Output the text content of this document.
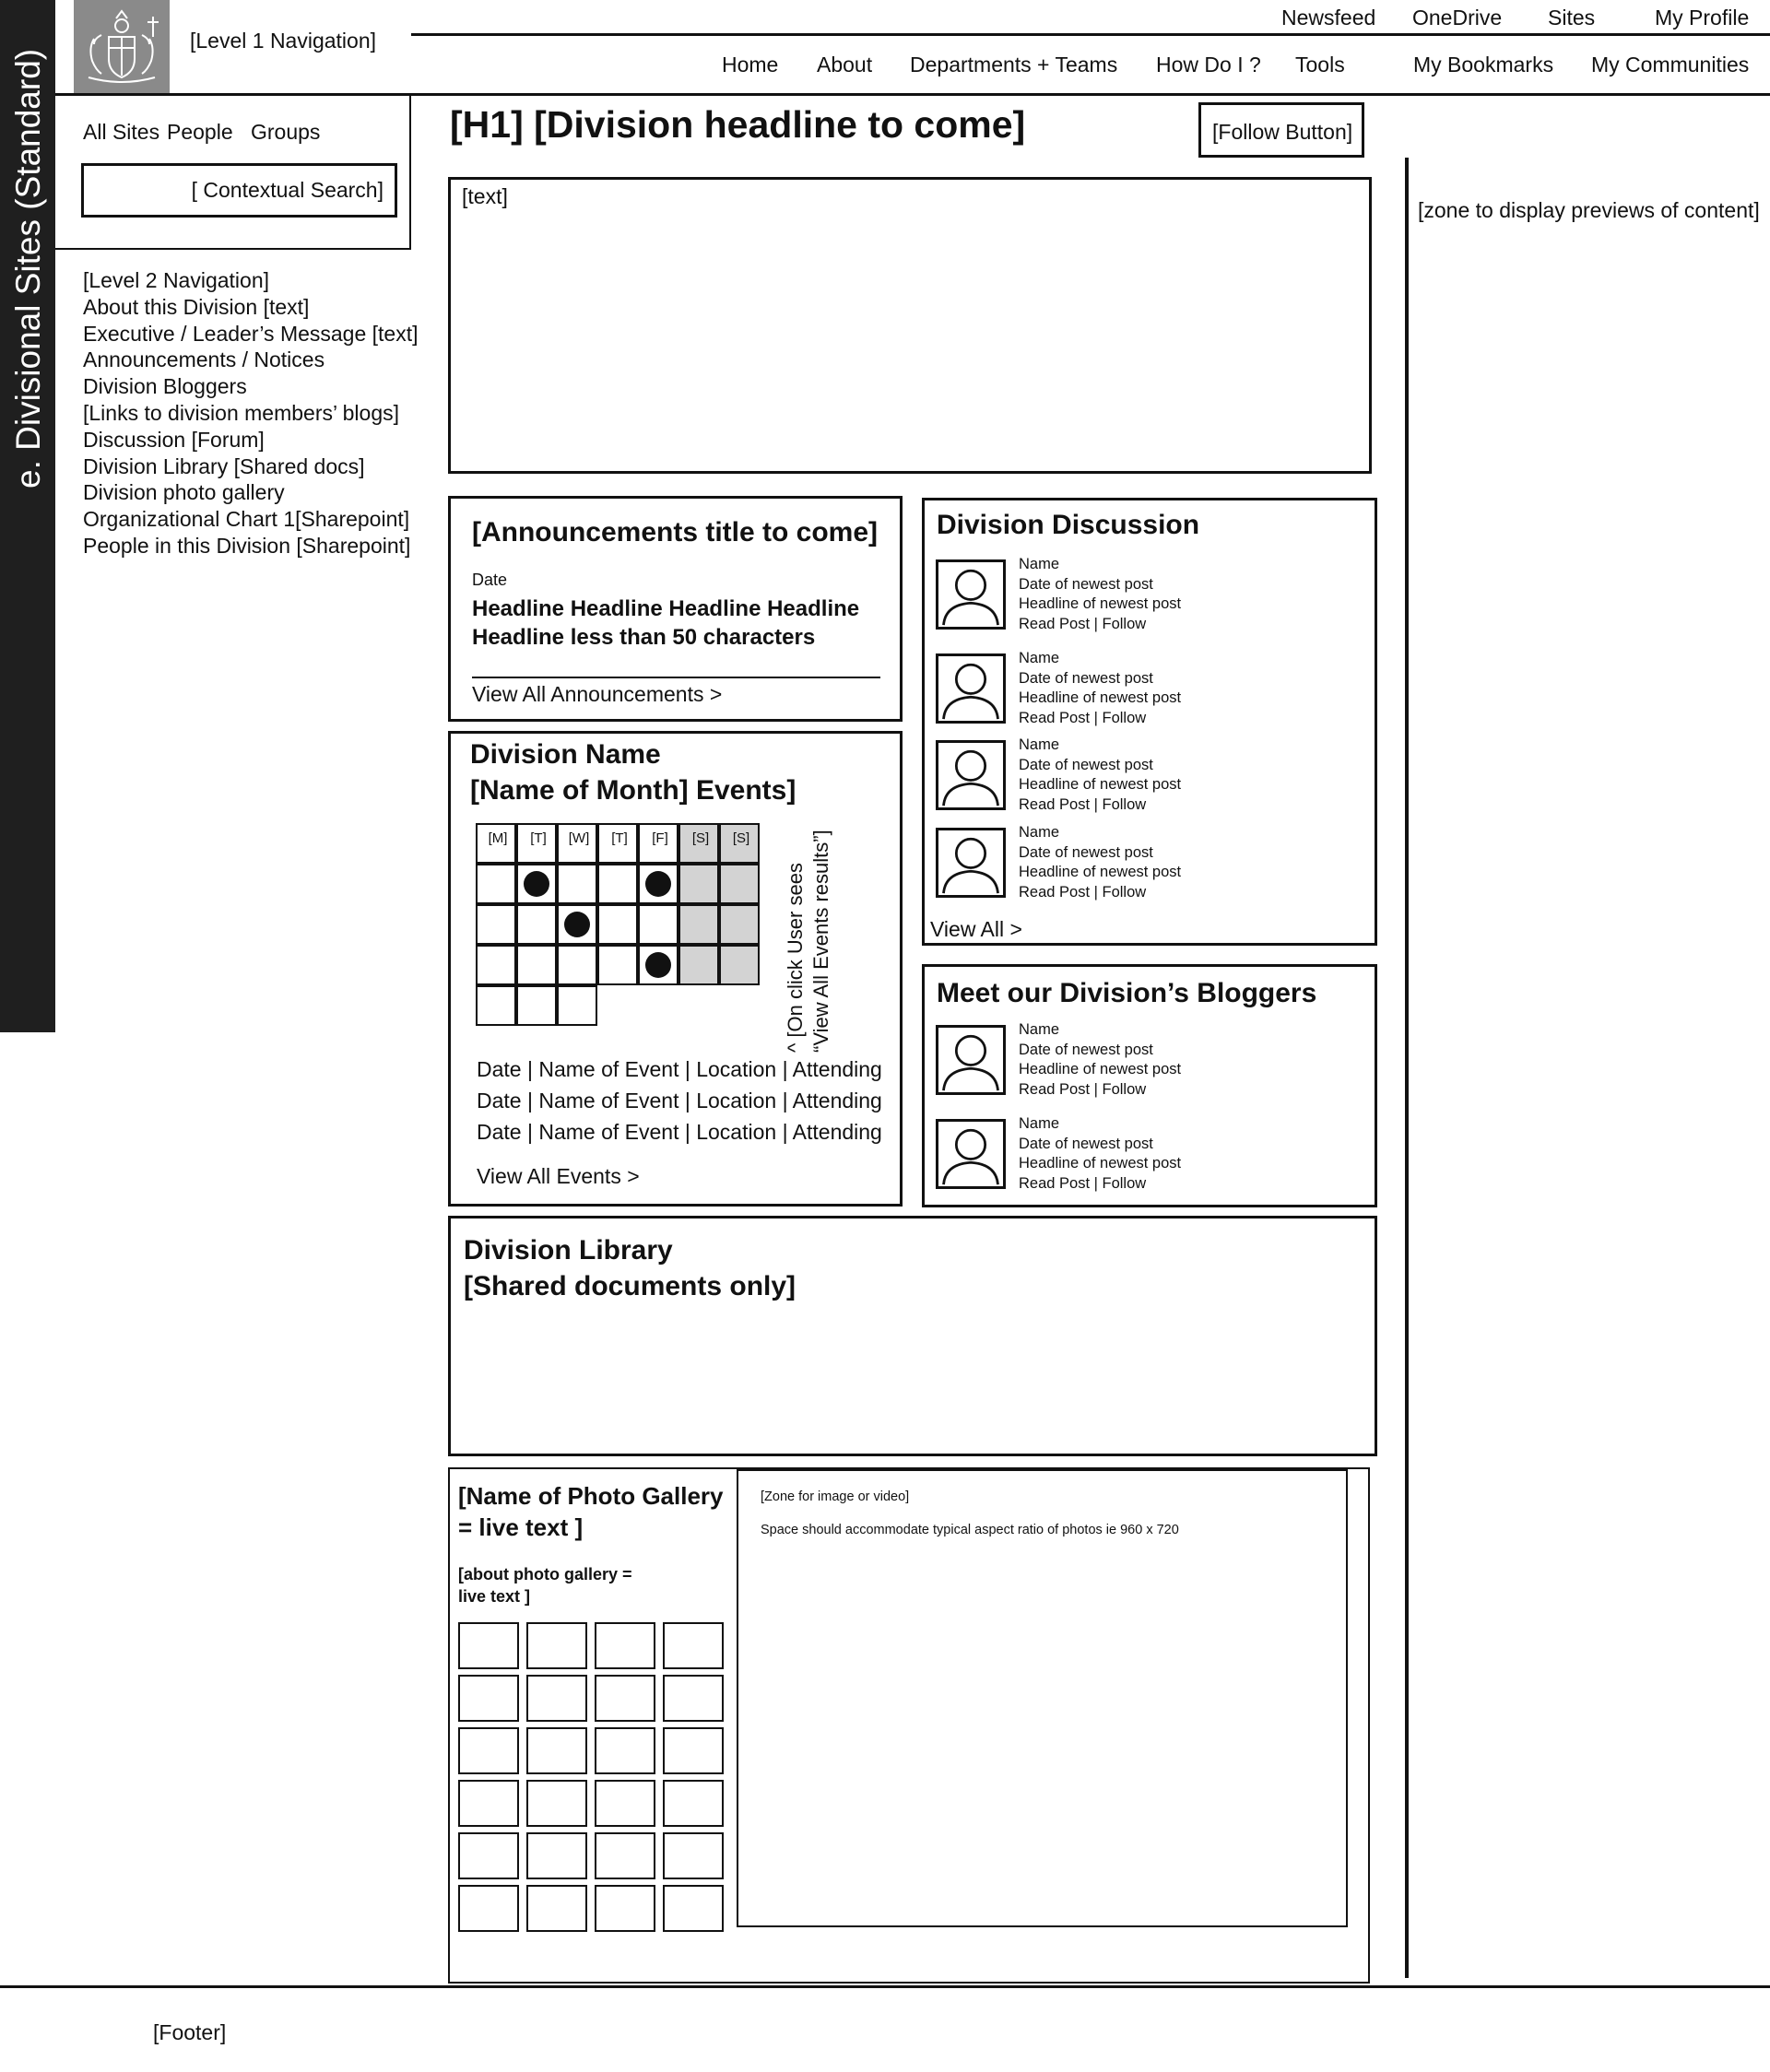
e. Divisional Sites (Standard)
[Level 1 Navigation]
Newsfeed OneDrive Sites	My Profile
Home About Departments + Teams How Do I ? Tools	My Bookmarks My Communities
All Sites People Groups
[ Contextual Search]
[Level 2 Navigation]
About this Division [text]
Executive / Leader’s Message [text]
Announcements / Notices
Division Bloggers
[Links to division members’ blogs]
Discussion [Forum]
Division Library [Shared docs]
Division photo gallery
Organizational Chart 1[Sharepoint]
People in this Division [Sharepoint]
[H1] [Division headline to come]	[Follow Button]
[zone to display previews of content]
[text]
[Announcements title to come]
Date
Headline Headline Headline Headline
Headline less than 50 characters
View All Announcements >
Division Name
[Name of Month] Events]
[M]	[T]	[W]	[T]	[F]	[S]	[S]
^ [On click User sees “View All Events results”]
Date | Name of Event | Location | Attending
Date | Name of Event | Location | Attending
Date | Name of Event | Location | Attending
View All Events >
Division Discussion
Name
Date of newest post
Headline of newest post
Read Post | Follow
Name
Date of newest post
Headline of newest post
Read Post | Follow
Name
Date of newest post
Headline of newest post
Read Post | Follow
Name
Date of newest post
Headline of newest post
Read Post | Follow
View All >
Meet our Division’s Bloggers
Name
Date of newest post
Headline of newest post
Read Post | Follow
Name
Date of newest post
Headline of newest post
Read Post | Follow
Division Library
[Shared documents only]
[Name of Photo Gallery
= live text ]
[about photo gallery =
live text ]
[Zone for image or video]
Space should accommodate typical aspect ratio of photos ie 960 x 720
[Footer]
